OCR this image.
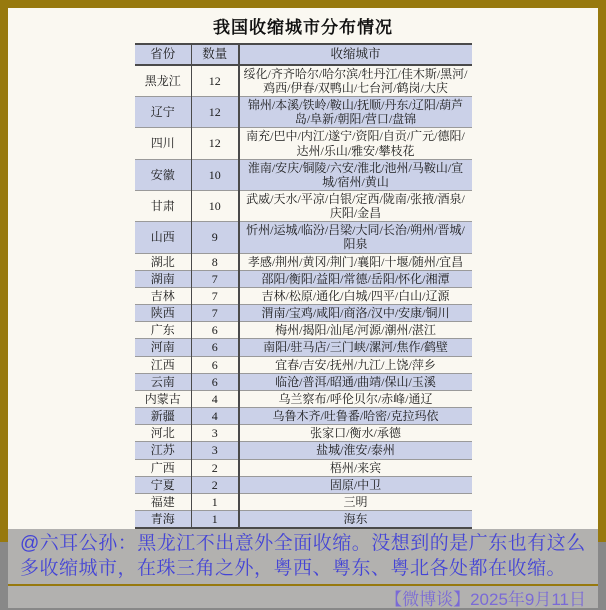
我国收缩城市分布情况
省份	数量	收缩城市
黑龙江	12	绥化/齐齐哈尔/哈尔滨/牡丹江/佳木斯/黑河/鸡西/伊春/双鸭山/七台河/鹤岗/大庆
辽宁	12	锦州/本溪/铁岭/鞍山/抚顺/丹东/辽阳/葫芦岛/阜新/朝阳/营口/盘锦
四川	12	南充/巴中/内江/遂宁/资阳/自贡/广元/德阳/达州/乐山/雅安/攀枝花
安徽	10	淮南/安庆/铜陵/六安/淮北/池州/马鞍山/宣城/宿州/黄山
甘肃	10	武威/天水/平凉/白银/定西/陇南/张掖/酒泉/庆阳/金昌
山西	9	忻州/运城/临汾/吕梁/大同/长治/朔州/晋城/阳泉
湖北	8	孝感/荆州/黄冈/荆门/襄阳/十堰/随州/宜昌
湖南	7	邵阳/衡阳/益阳/常德/岳阳/怀化/湘潭
吉林	7	吉林/松原/通化/白城/四平/白山/辽源
陕西	7	渭南/宝鸡/咸阳/商洛/汉中/安康/铜川
广东	6	梅州/揭阳/汕尾/河源/潮州/湛江
河南	6	南阳/驻马店/三门峡/漯河/焦作/鹤壁
江西	6	宜春/吉安/抚州/九江/上饶/萍乡
云南	6	临沧/普洱/昭通/曲靖/保山/玉溪
内蒙古	4	乌兰察布/呼伦贝尔/赤峰/通辽
新疆	4	乌鲁木齐/吐鲁番/哈密/克拉玛依
河北	3	张家口/衡水/承德
江苏	3	盐城/淮安/泰州
广西	2	梧州/来宾
宁夏	2	固原/中卫
福建	1	三明
青海	1	海东
@六耳公孙：黑龙江不出意外全面收缩。没想到的是广东也有这么多收缩城市，在珠三角之外，粤西、粤东、粤北各处都在收缩。
【微博谈】2025年9月11日
